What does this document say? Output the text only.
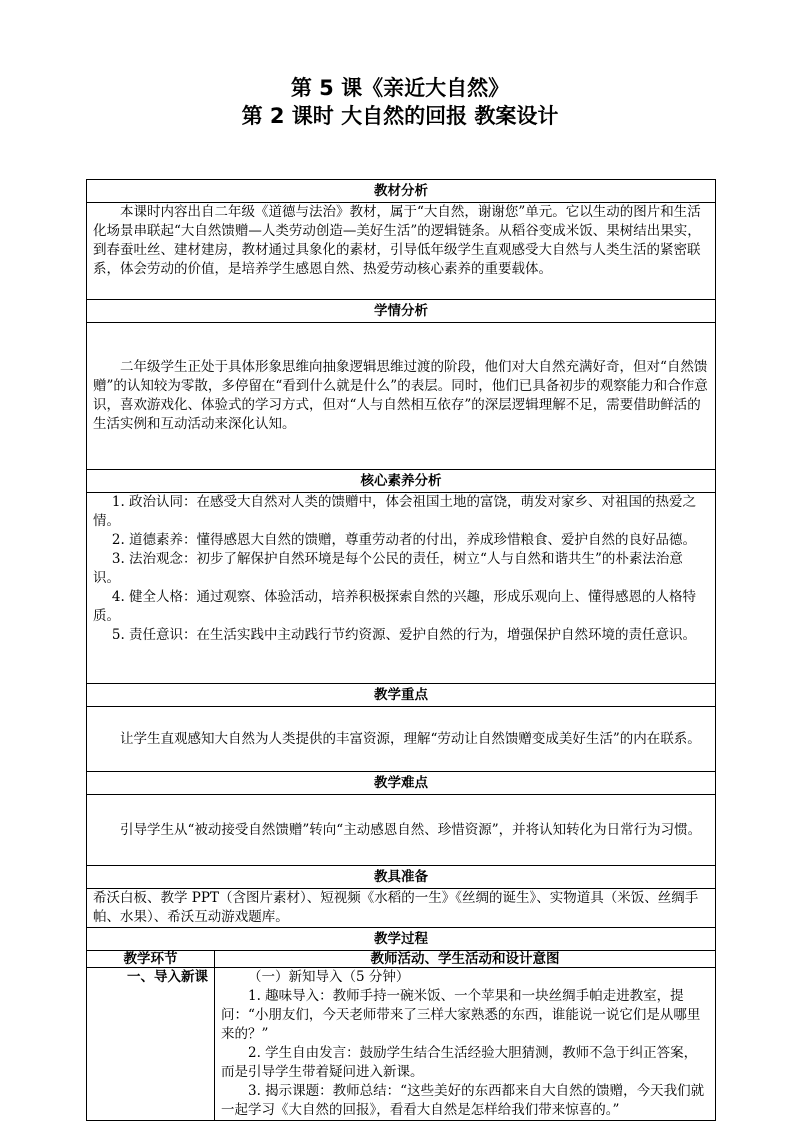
第 5 课《亲近大自然》
第 2 课时 大自然的回报 教案设计
教材分析	

本课时内容出自二年级《道德与法治》教材，属于“大自然，谢谢您”单元。它以生动的图片和生活化场景串联起“大自然馈赠—人类劳动创造—美好生活”的逻辑链条。从稻谷变成米饭、果树结出果实，到春蚕吐丝、建材建房，教材通过具象化的素材，引导低年级学生直观感受大自然与人类生活的紧密联系，体会劳动的价值，是培养学生感恩自然、热爱劳动核心素养的重要载体。	

学情分析	

二年级学生正处于具体形象思维向抽象逻辑思维过渡的阶段，他们对大自然充满好奇，但对“自然馈赠”的认知较为零散，多停留在“看到什么就是什么”的表层。同时，他们已具备初步的观察能力和合作意识，喜欢游戏化、体验式的学习方式，但对“人与自然相互依存”的深层逻辑理解不足，需要借助鲜活的生活实例和互动活动来深化认知。	

核心素养分析	

1. 政治认同：在感受大自然对人类的馈赠中，体会祖国土地的富饶，萌发对家乡、对祖国的热爱之情。

2. 道德素养：懂得感恩大自然的馈赠，尊重劳动者的付出，养成珍惜粮食、爱护自然的良好品德。

3. 法治观念：初步了解保护自然环境是每个公民的责任，树立“人与自然和谐共生”的朴素法治意识。

4. 健全人格：通过观察、体验活动，培养积极探索自然的兴趣，形成乐观向上、懂得感恩的人格特质。

5. 责任意识：在生活实践中主动践行节约资源、爱护自然的行为，增强保护自然环境的责任意识。	

教学重点	

让学生直观感知大自然为人类提供的丰富资源，理解“劳动让自然馈赠变成美好生活”的内在联系。	

教学难点	

引导学生从“被动接受自然馈赠”转向“主动感恩自然、珍惜资源”，并将认知转化为日常行为习惯。	

教具准备	

希沃白板、教学 PPT（含图片素材）、短视频《水稻的一生》《丝绸的诞生》、实物道具（米饭、丝绸手帕、水果）、希沃互动游戏题库。	

教学过程	
教学环节	教师活动、学生活动和设计意图
一、导入新课	（一）新知导入（5 分钟）

1. 趣味导入：教师手持一碗米饭、一个苹果和一块丝绸手帕走进教室，提问：“小朋友们，今天老师带来了三样大家熟悉的东西，谁能说一说它们是从哪里来的？”

2. 学生自由发言：鼓励学生结合生活经验大胆猜测，教师不急于纠正答案，而是引导学生带着疑问进入新课。

3. 揭示课题：教师总结：“这些美好的东西都来自大自然的馈赠，今天我们就一起学习《大自然的回报》，看看大自然是怎样给我们带来惊喜的。”
